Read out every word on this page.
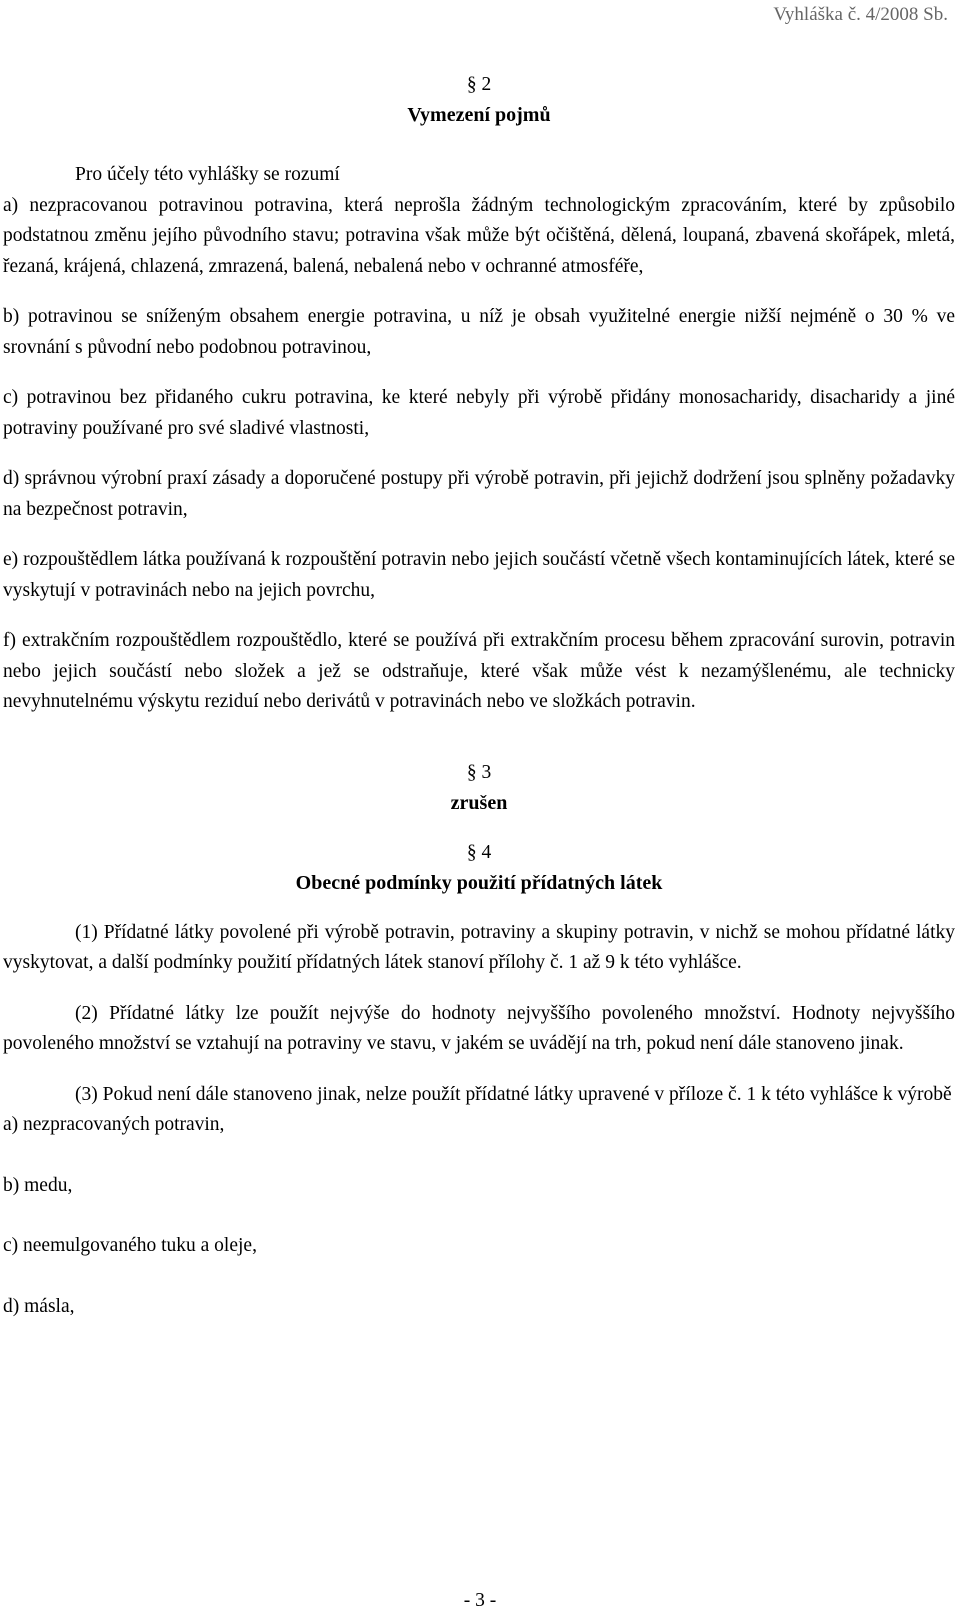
Vyhláška č. 4/2008 Sb.
§ 2
Vymezení pojmů

Pro účely této vyhlášky se rozumí

a) nezpracovanou potravinou potravina, která neprošla žádným technologickým zpracováním, které by způsobilo podstatnou změnu jejího původního stavu; potravina však může být očištěná, dělená, loupaná, zbavená skořápek, mletá, řezaná, krájená, chlazená, zmrazená, balená, nebalená nebo v ochranné atmosféře,

b) potravinou se sníženým obsahem energie potravina, u níž je obsah využitelné energie nižší nejméně o 30 % ve srovnání s původní nebo podobnou potravinou,

c) potravinou bez přidaného cukru potravina, ke které nebyly při výrobě přidány monosacharidy, disacharidy a jiné potraviny používané pro své sladivé vlastnosti,

d) správnou výrobní praxí zásady a doporučené postupy při výrobě potravin, při jejichž dodržení jsou splněny požadavky na bezpečnost potravin,

e) rozpouštědlem látka používaná k rozpouštění potravin nebo jejich součástí včetně všech kontaminujících látek, které se vyskytují v potravinách nebo na jejich povrchu,

f) extrakčním rozpouštědlem rozpouštědlo, které se používá při extrakčním procesu během zpracování surovin, potravin nebo jejich součástí nebo složek a jež se odstraňuje, které však může vést k nezamýšlenému, ale technicky nevyhnutelnému výskytu reziduí nebo derivátů v potravinách nebo ve složkách potravin.

§ 3
zrušen
§ 4
Obecné podmínky použití přídatných látek

(1) Přídatné látky povolené při výrobě potravin, potraviny a skupiny potravin, v nichž se mohou přídatné látky vyskytovat, a další podmínky použití přídatných látek stanoví přílohy č. 1 až 9 k této vyhlášce.

(2) Přídatné látky lze použít nejvýše do hodnoty nejvyššího povoleného množství. Hodnoty nejvyššího povoleného množství se vztahují na potraviny ve stavu, v jakém se uvádějí na trh, pokud není dále stanoveno jinak.

(3) Pokud není dále stanoveno jinak, nelze použít přídatné látky upravené v příloze č. 1 k této vyhlášce k výrobě

a) nezpracovaných potravin,

b) medu,

c) neemulgovaného tuku a oleje,

d) másla,

- 3 -
